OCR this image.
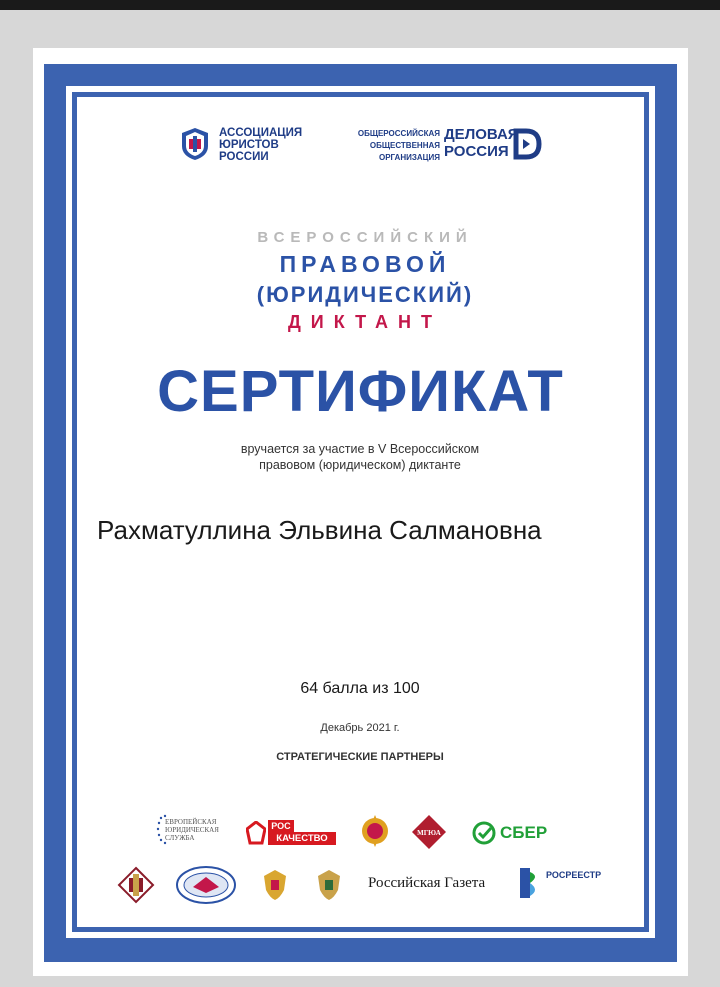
АССОЦИАЦИЯ
ЮРИСТОВ
РОССИИ
ОБЩЕРОССИЙСКАЯ
ОБЩЕСТВЕННАЯ
ОРГАНИЗАЦИЯ
ДЕЛОВАЯ
РОССИЯ
ВСЕРОССИЙСКИЙ
ПРАВОВОЙ
(ЮРИДИЧЕСКИЙ)
ДИКТАНТ
СЕРТИФИКАТ
вручается за участие в V Всероссийском
правовом (юридическом) диктанте
Рахматуллина Эльвина Салмановна
64 балла из 100
Декабрь 2021 г.
СТРАТЕГИЧЕСКИЕ ПАРТНЕРЫ
ЕВРОПЕЙСКАЯ
ЮРИДИЧЕСКАЯ
СЛУЖБА
РОС
КАЧЕСТВО	МГЮА	СБЕР
Российская Газета	РОСРЕЕСТР
